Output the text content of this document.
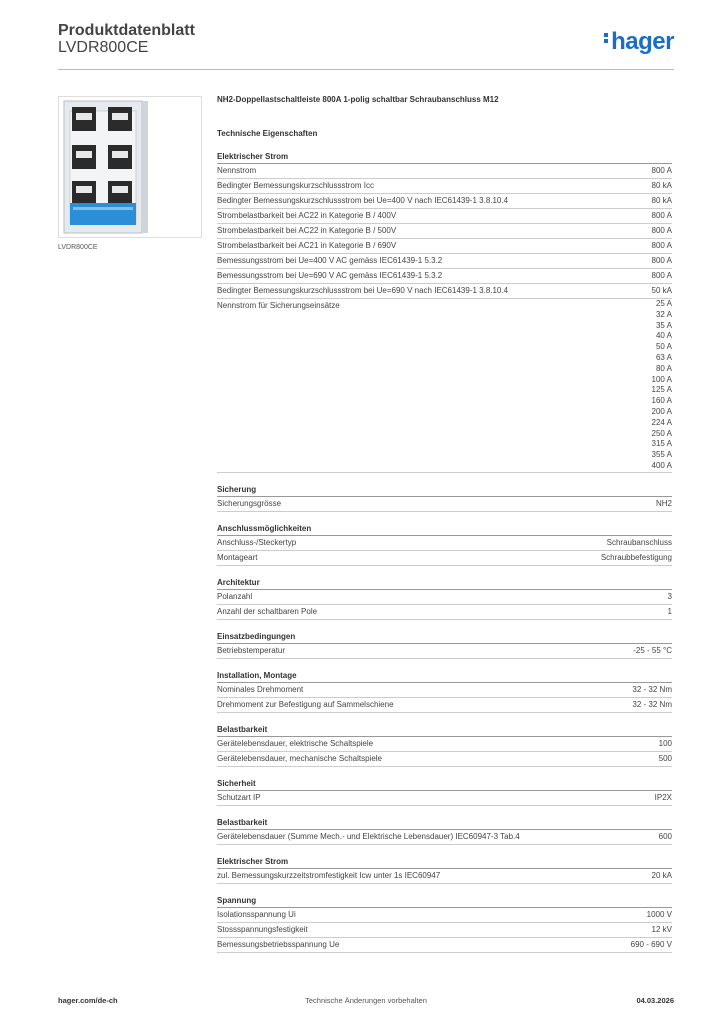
Produktdatenblatt
LVDR800CE	hager
LVDR800CE
NH2-Doppellastschaltleiste 800A 1-polig schaltbar Schraubanschluss M12
Technische Eigenschaften
Elektrischer Strom
Nennstrom	800 A
Bedingter Bemessungskurzschlussstrom Icc	80 kA
Bedingter Bemessungskurzschlussstrom bei Ue=400 V nach IEC61439-1 3.8.10.4	80 kA
Strombelastbarkeit bei AC22 in Kategorie B / 400V	800 A
Strombelastbarkeit bei AC22 in Kategorie B / 500V	800 A
Strombelastbarkeit bei AC21 in Kategorie B / 690V	800 A
Bemessungsstrom bei Ue=400 V AC gemäss IEC61439-1 5.3.2	800 A
Bemessungsstrom bei Ue=690 V AC gemäss IEC61439-1 5.3.2	800 A
Bedingter Bemessungskurzschlussstrom bei Ue=690 V nach IEC61439-1 3.8.10.4	50 kA
Nennstrom für Sicherungseinsätze	25 A
32 A
35 A
40 A
50 A
63 A
80 A
100 A
125 A
160 A
200 A
224 A
250 A
315 A
355 A
400 A
Sicherung
Sicherungsgrösse	NH2
Anschlussmöglichkeiten
Anschluss-/Steckertyp	Schraubanschluss
Montageart	Schraubbefestigung
Architektur
Polanzahl	3
Anzahl der schaltbaren Pole	1
Einsatzbedingungen
Betriebstemperatur	-25 - 55 °C
Installation, Montage
Nominales Drehmoment	32 - 32 Nm
Drehmoment zur Befestigung auf Sammelschiene	32 - 32 Nm
Belastbarkeit
Gerätelebensdauer, elektrische Schaltspiele	100
Gerätelebensdauer, mechanische Schaltspiele	500
Sicherheit
Schutzart IP	IP2X
Belastbarkeit
Gerätelebensdauer (Summe Mech.- und Elektrische Lebensdauer) IEC60947-3 Tab.4	600
Elektrischer Strom
zul. Bemessungskurzzeitstromfestigkeit Icw unter 1s IEC60947	20 kA
Spannung
Isolationsspannung Ui	1000 V
Stossspannungsfestigkeit	12 kV
Bemessungsbetriebsspannung Ue	690 - 690 V
hager.com/de-ch	Technische Änderungen vorbehalten	04.03.2026
